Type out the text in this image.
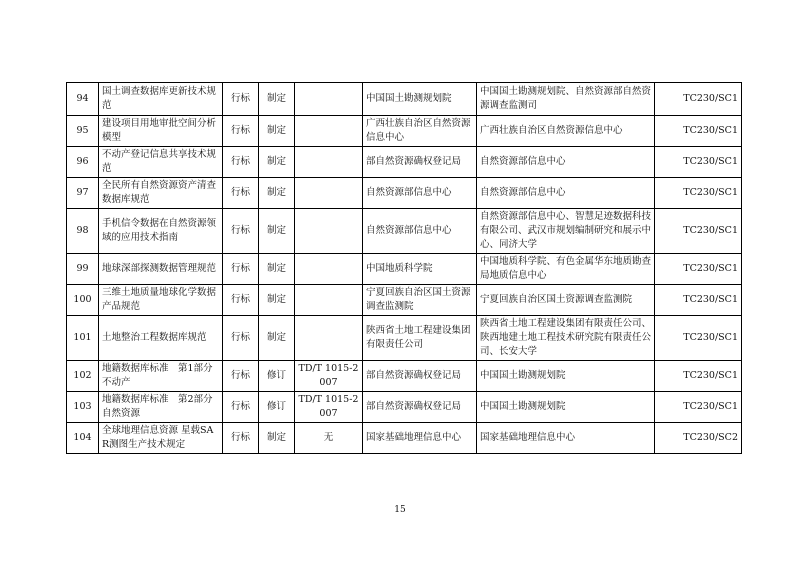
94	国土调查数据库更新技术规范	行标	制定		中国国土勘测规划院	中国国土勘测规划院、自然资源部自然资源调查监测司	TC230/SC1
95	建设项目用地审批空间分析模型	行标	制定		广西壮族自治区自然资源信息中心	广西壮族自治区自然资源信息中心	TC230/SC1
96	不动产登记信息共享技术规范	行标	制定		部自然资源确权登记局	自然资源部信息中心	TC230/SC1
97	全民所有自然资源资产清查数据库规范	行标	制定		自然资源部信息中心	自然资源部信息中心	TC230/SC1
98	手机信令数据在自然资源领域的应用技术指南	行标	制定		自然资源部信息中心	自然资源部信息中心、智慧足迹数据科技有限公司、武汉市规划编制研究和展示中心、同济大学	TC230/SC1
99	地球深部探测数据管理规范	行标	制定		中国地质科学院	中国地质科学院、有色金属华东地质勘查局地质信息中心	TC230/SC1
100	三维土地质量地球化学数据产品规范	行标	制定		宁夏回族自治区国土资源调查监测院	宁夏回族自治区国土资源调查监测院	TC230/SC1
101	土地整治工程数据库规范	行标	制定		陕西省土地工程建设集团有限责任公司	陕西省土地工程建设集团有限责任公司、陕西地建土地工程技术研究院有限责任公司、长安大学	TC230/SC1
102	地籍数据库标准　第1部分 不动产	行标	修订	TD/T 1015-2007	部自然资源确权登记局	中国国土勘测规划院	TC230/SC1
103	地籍数据库标准　第2部分 自然资源	行标	修订	TD/T 1015-2007	部自然资源确权登记局	中国国土勘测规划院	TC230/SC1
104	全球地理信息资源 星载SAR测图生产技术规定	行标	制定	无	国家基础地理信息中心	国家基础地理信息中心	TC230/SC2
15
